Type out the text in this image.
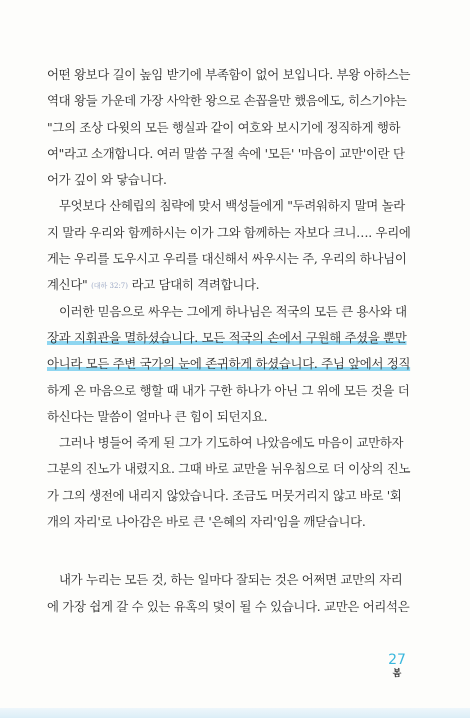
어떤 왕보다 길이 높임 받기에 부족함이 없어 보입니다. 부왕 아하스는
역대 왕들 가운데 가장 사악한 왕으로 손꼽을만 했음에도, 히스기야는
"그의 조상 다윗의 모든 행실과 같이 여호와 보시기에 정직하게 행하
여"라고 소개합니다. 여러 말씀 구절 속에 '모든' '마음이 교만'이란 단
어가 깊이 와 닿습니다.
무엇보다 산헤립의 침략에 맞서 백성들에게 "두려워하지 말며 놀라
지 말라 우리와 함께하시는 이가 그와 함께하는 자보다 크니…. 우리에
게는 우리를 도우시고 우리를 대신해서 싸우시는 주, 우리의 하나님이
계신다" (대하 32:7) 라고 담대히 격려합니다.
이러한 믿음으로 싸우는 그에게 하나님은 적국의 모든 큰 용사와 대
장과 지휘관을 멸하셨습니다. 모든 적국의 손에서 구원해 주셨을 뿐만
아니라 모든 주변 국가의 눈에 존귀하게 하셨습니다. 주님 앞에서 정직
하게 온 마음으로 행할 때 내가 구한 하나가 아닌 그 위에 모든 것을 더
하신다는 말씀이 얼마나 큰 힘이 되던지요.
그러나 병들어 죽게 된 그가 기도하여 나았음에도 마음이 교만하자
그분의 진노가 내렸지요. 그때 바로 교만을 뉘우침으로 더 이상의 진노
가 그의 생전에 내리지 않았습니다. 조금도 머뭇거리지 않고 바로 '회
개의 자리'로 나아감은 바로 큰 '은혜의 자리'임을 깨닫습니다.
내가 누리는 모든 것, 하는 일마다 잘되는 것은 어쩌면 교만의 자리
에 가장 쉽게 갈 수 있는 유혹의 덫이 될 수 있습니다. 교만은 어리석은
27
봄
